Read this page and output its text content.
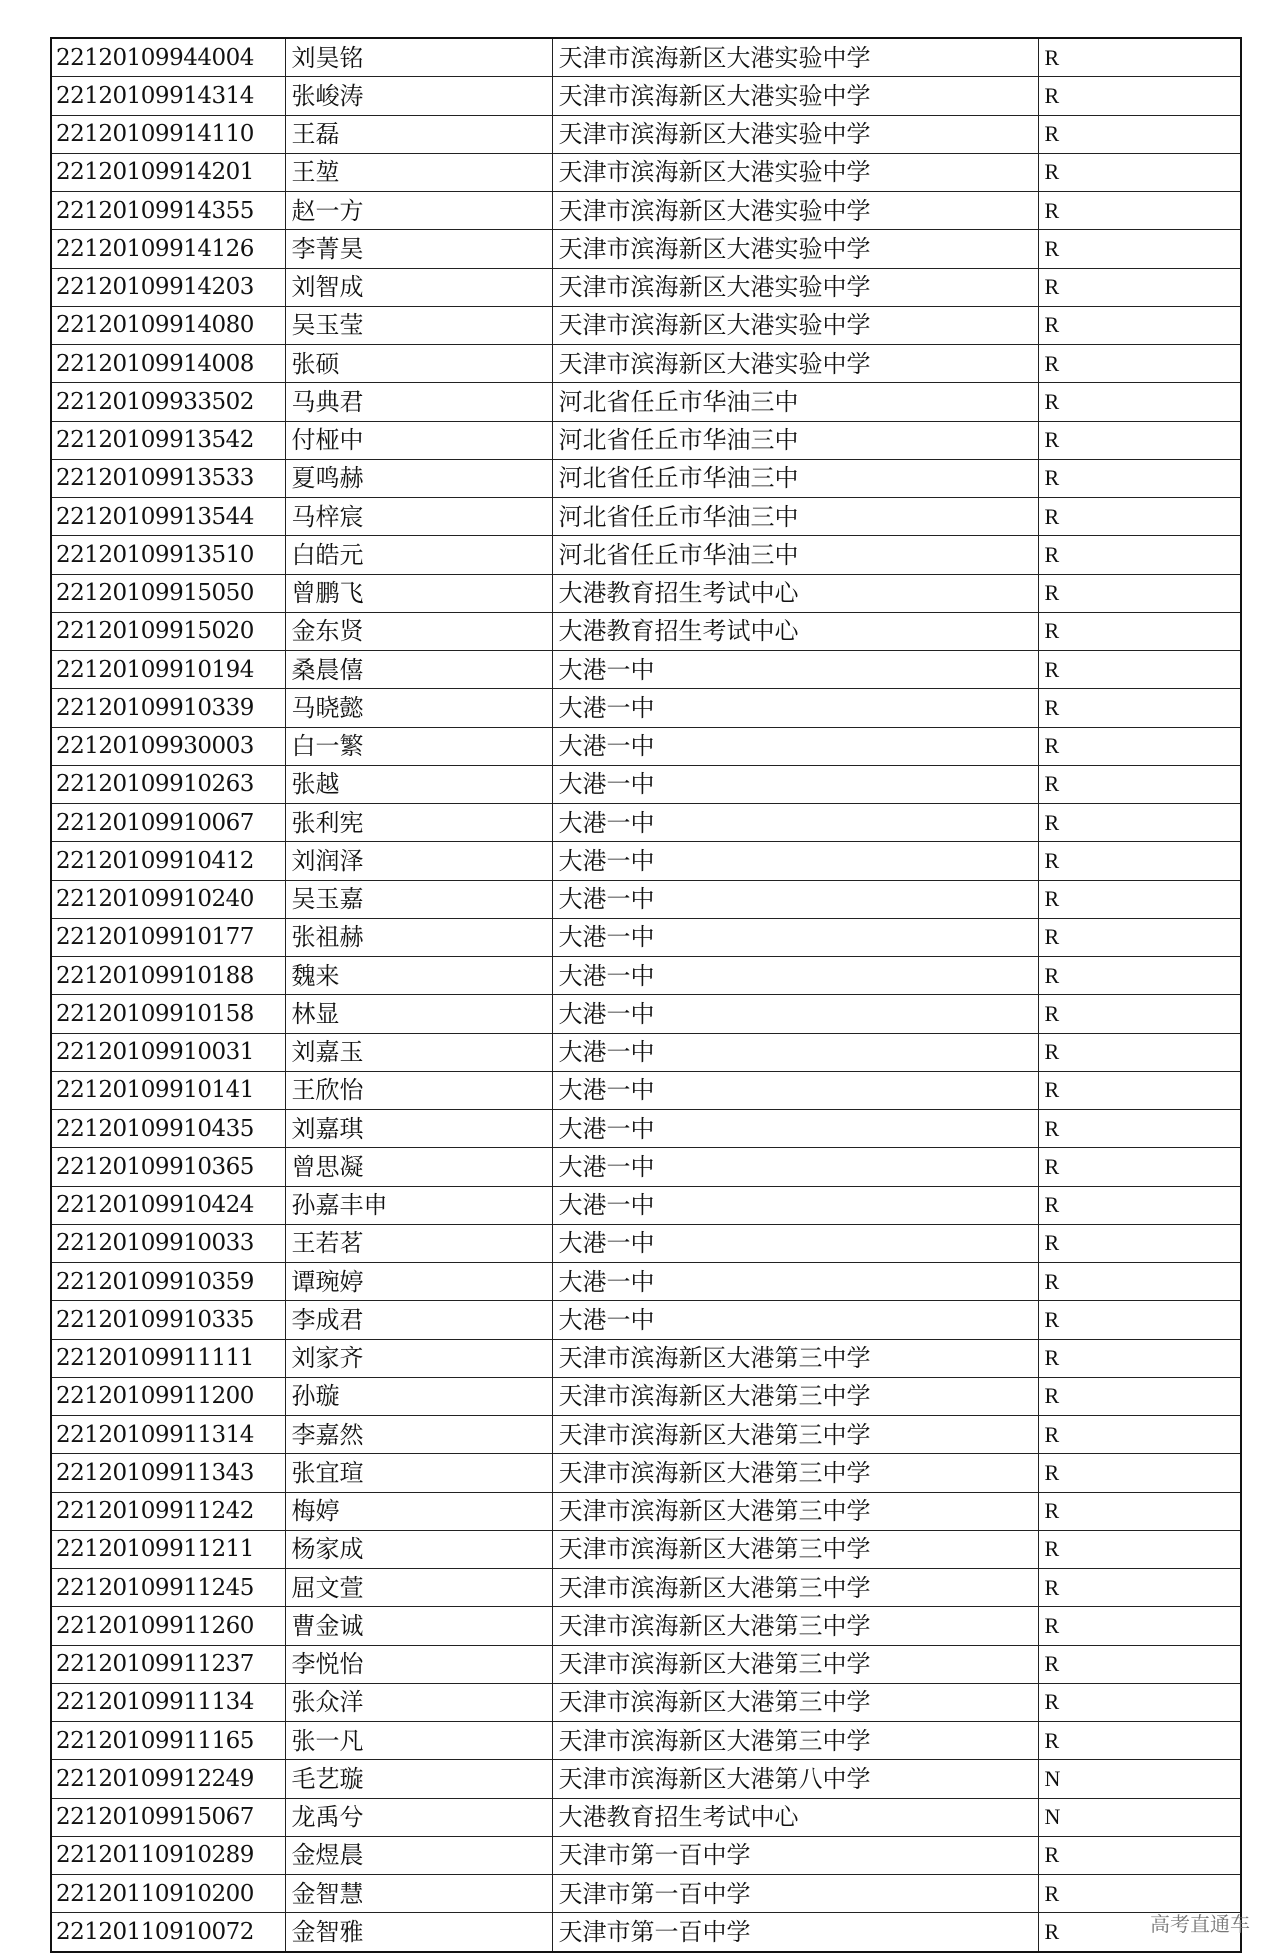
22120109944004	刘昊铭	天津市滨海新区大港实验中学	R
22120109914314	张峻涛	天津市滨海新区大港实验中学	R
22120109914110	王磊	天津市滨海新区大港实验中学	R
22120109914201	王堃	天津市滨海新区大港实验中学	R
22120109914355	赵一方	天津市滨海新区大港实验中学	R
22120109914126	李菁昊	天津市滨海新区大港实验中学	R
22120109914203	刘智成	天津市滨海新区大港实验中学	R
22120109914080	吴玉莹	天津市滨海新区大港实验中学	R
22120109914008	张硕	天津市滨海新区大港实验中学	R
22120109933502	马典君	河北省任丘市华油三中	R
22120109913542	付桠中	河北省任丘市华油三中	R
22120109913533	夏鸣赫	河北省任丘市华油三中	R
22120109913544	马梓宸	河北省任丘市华油三中	R
22120109913510	白皓元	河北省任丘市华油三中	R
22120109915050	曾鹏飞	大港教育招生考试中心	R
22120109915020	金东贤	大港教育招生考试中心	R
22120109910194	桑晨僖	大港一中	R
22120109910339	马晓懿	大港一中	R
22120109930003	白一繁	大港一中	R
22120109910263	张越	大港一中	R
22120109910067	张利宪	大港一中	R
22120109910412	刘润泽	大港一中	R
22120109910240	吴玉嘉	大港一中	R
22120109910177	张祖赫	大港一中	R
22120109910188	魏来	大港一中	R
22120109910158	林显	大港一中	R
22120109910031	刘嘉玉	大港一中	R
22120109910141	王欣怡	大港一中	R
22120109910435	刘嘉琪	大港一中	R
22120109910365	曾思凝	大港一中	R
22120109910424	孙嘉丰申	大港一中	R
22120109910033	王若茗	大港一中	R
22120109910359	谭琬婷	大港一中	R
22120109910335	李成君	大港一中	R
22120109911111	刘家齐	天津市滨海新区大港第三中学	R
22120109911200	孙璇	天津市滨海新区大港第三中学	R
22120109911314	李嘉然	天津市滨海新区大港第三中学	R
22120109911343	张宜瑄	天津市滨海新区大港第三中学	R
22120109911242	梅婷	天津市滨海新区大港第三中学	R
22120109911211	杨家成	天津市滨海新区大港第三中学	R
22120109911245	屈文萱	天津市滨海新区大港第三中学	R
22120109911260	曹金诚	天津市滨海新区大港第三中学	R
22120109911237	李悦怡	天津市滨海新区大港第三中学	R
22120109911134	张众洋	天津市滨海新区大港第三中学	R
22120109911165	张一凡	天津市滨海新区大港第三中学	R
22120109912249	毛艺璇	天津市滨海新区大港第八中学	N
22120109915067	龙禹兮	大港教育招生考试中心	N
22120110910289	金煜晨	天津市第一百中学	R
22120110910200	金智慧	天津市第一百中学	R
22120110910072	金智雅	天津市第一百中学	R	高考直通车
